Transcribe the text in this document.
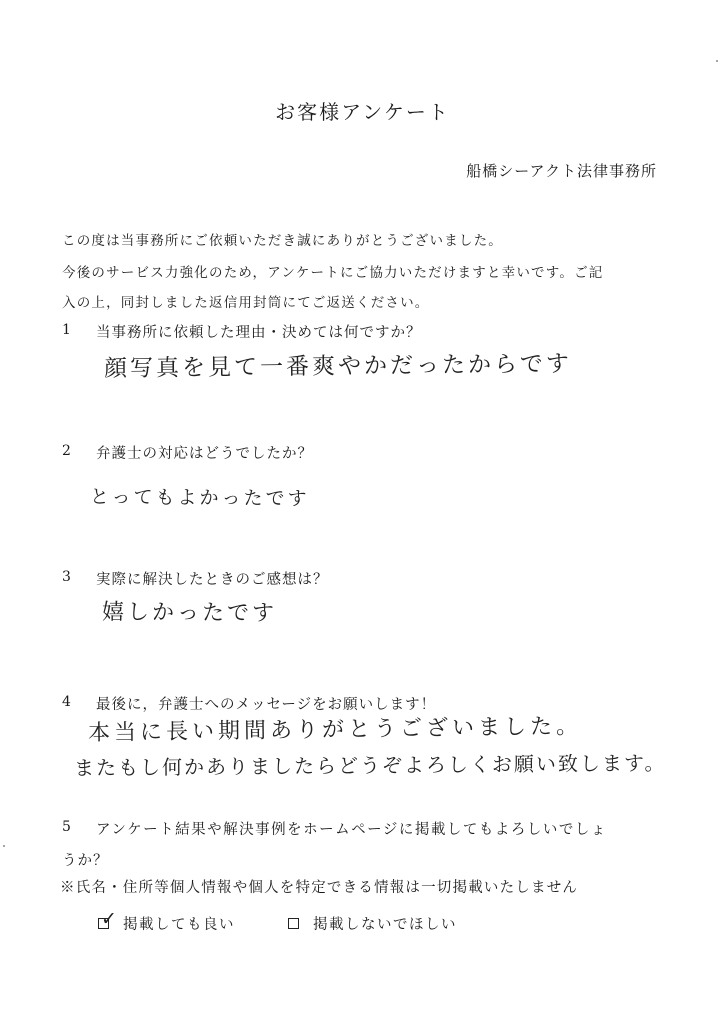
お客様アンケート
船橋シーアクト法律事務所
この度は当事務所にご依頼いただき誠にありがとうございました。
今後のサービス力強化のため，アンケートにご協力いただけますと幸いです。ご記
入の上，同封しました返信用封筒にてご返送ください。
1 当事務所に依頼した理由・決めては何ですか？
顔写真を見て一番爽やかだったからです
2 弁護士の対応はどうでしたか？
とってもよかったです
3 実際に解決したときのご感想は？
嬉しかったです
4 最後に，弁護士へのメッセージをお願いします！
本当に長い期間ありがとうございました。
またもし何かありましたらどうぞよろしくお願い致します。
5 アンケート結果や解決事例をホームページに掲載してもよろしいでしょ
うか？
※氏名・住所等個人情報や個人を特定できる情報は一切掲載いたしません
✓ 掲載しても良い	掲載しないでほしい
